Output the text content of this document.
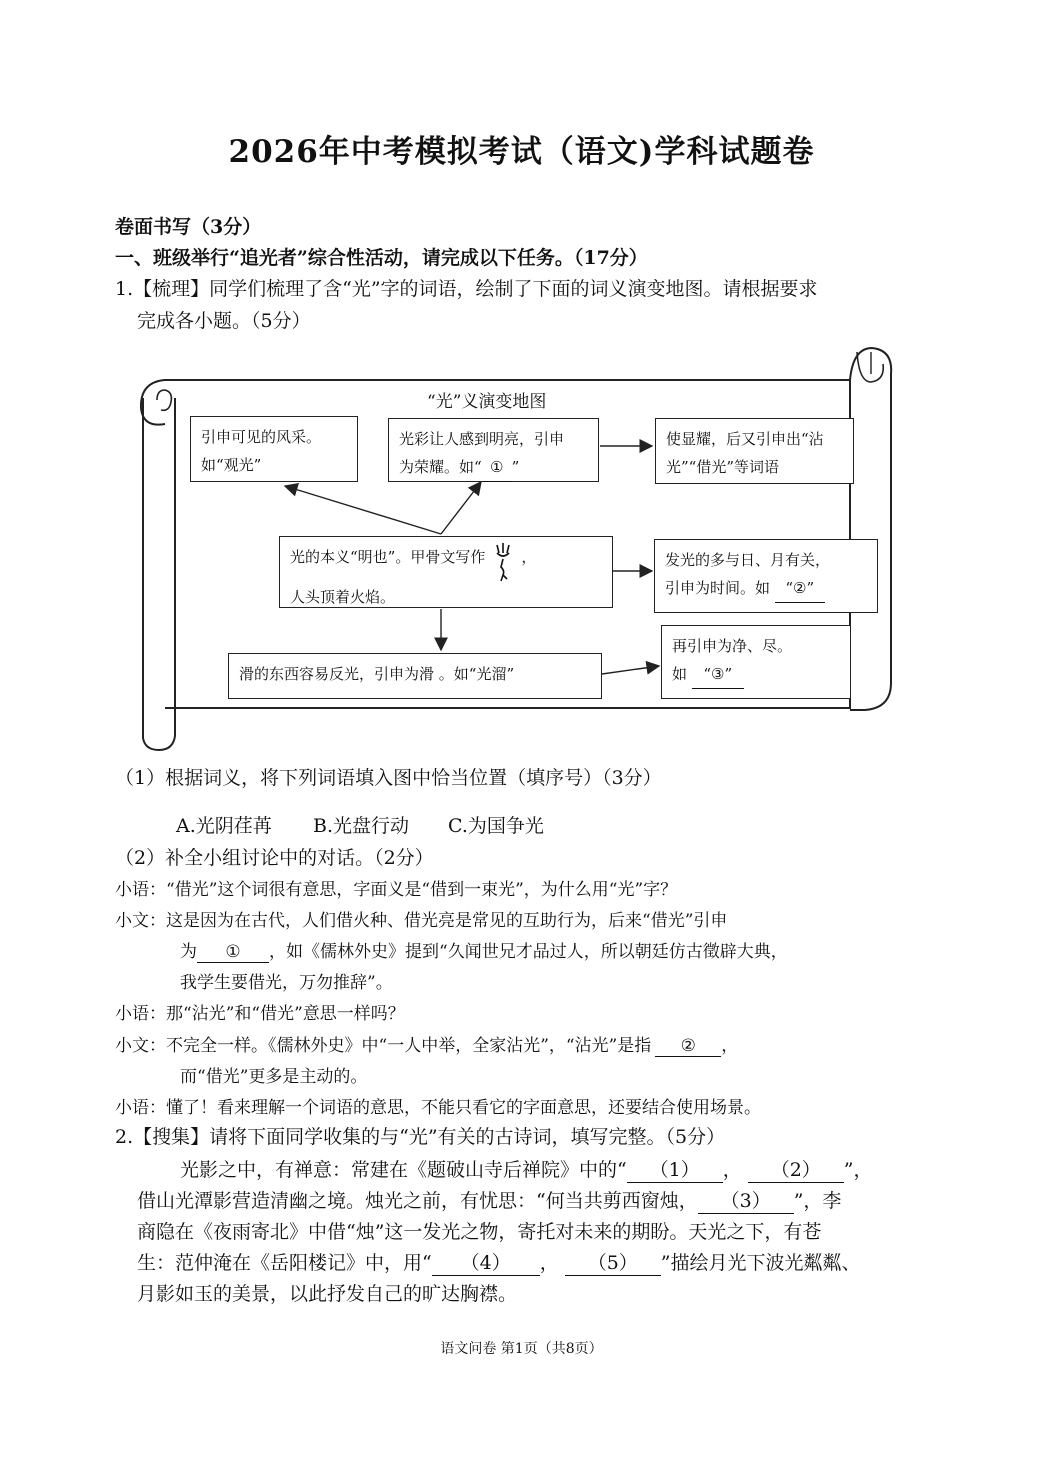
2026年中考模拟考试（语文)学科试题卷
卷面书写（3分）
一、班级举行“追光者”综合性活动，请完成以下任务。（17分）
1.【梳理】同学们梳理了含“光”字的词语，绘制了下面的词义演变地图。请根据要求
完成各小题。（5分）
“光”义演变地图
引申可见的风采。
如“观光”
光彩让人感到明亮，引申
为荣耀。如“ ① ”
使显耀，后又引申出“沾
光”“借光”等词语
光的本义“明也”。甲骨文写作 ，
人头顶着火焰。
发光的多与日、月有关，
引申为时间。如 “②”
滑的东西容易反光，引申为滑 。如“光溜”
再引申为净、尽。
如 “③”
（1）根据词义，将下列词语填入图中恰当位置（填序号）（3分）
A.光阴荏苒 B.光盘行动 C.为国争光
（2）补全小组讨论中的对话。（2分）
小语：“借光”这个词很有意思，字面义是“借到一束光”，为什么用“光”字？
小文：这是因为在古代，人们借火种、借光亮是常见的互助行为，后来“借光”引申
为 ① ，如《儒林外史》提到“久闻世兄才品过人，所以朝廷仿古徵辟大典，
我学生要借光，万勿推辞”。
小语：那“沾光”和“借光”意思一样吗？
小文：不完全一样。《儒林外史》中“一人中举，全家沾光”，“沾光”是指 ② ，
而“借光”更多是主动的。
小语：懂了！看来理解一个词语的意思，不能只看它的字面意思，还要结合使用场景。
2.【搜集】请将下面同学收集的与“光”有关的古诗词，填写完整。（5分）
光影之中，有禅意：常建在《题破山寺后禅院》中的“ （1） ， （2） ”，
借山光潭影营造清幽之境。烛光之前，有忧思：“何当共剪西窗烛， （3） ”，李
商隐在《夜雨寄北》中借“烛”这一发光之物，寄托对未来的期盼。天光之下，有苍
生：范仲淹在《岳阳楼记》中，用“ （4） ， （5） ”描绘月光下波光粼粼、
月影如玉的美景，以此抒发自己的旷达胸襟。
语文问卷 第1页（共8页）
